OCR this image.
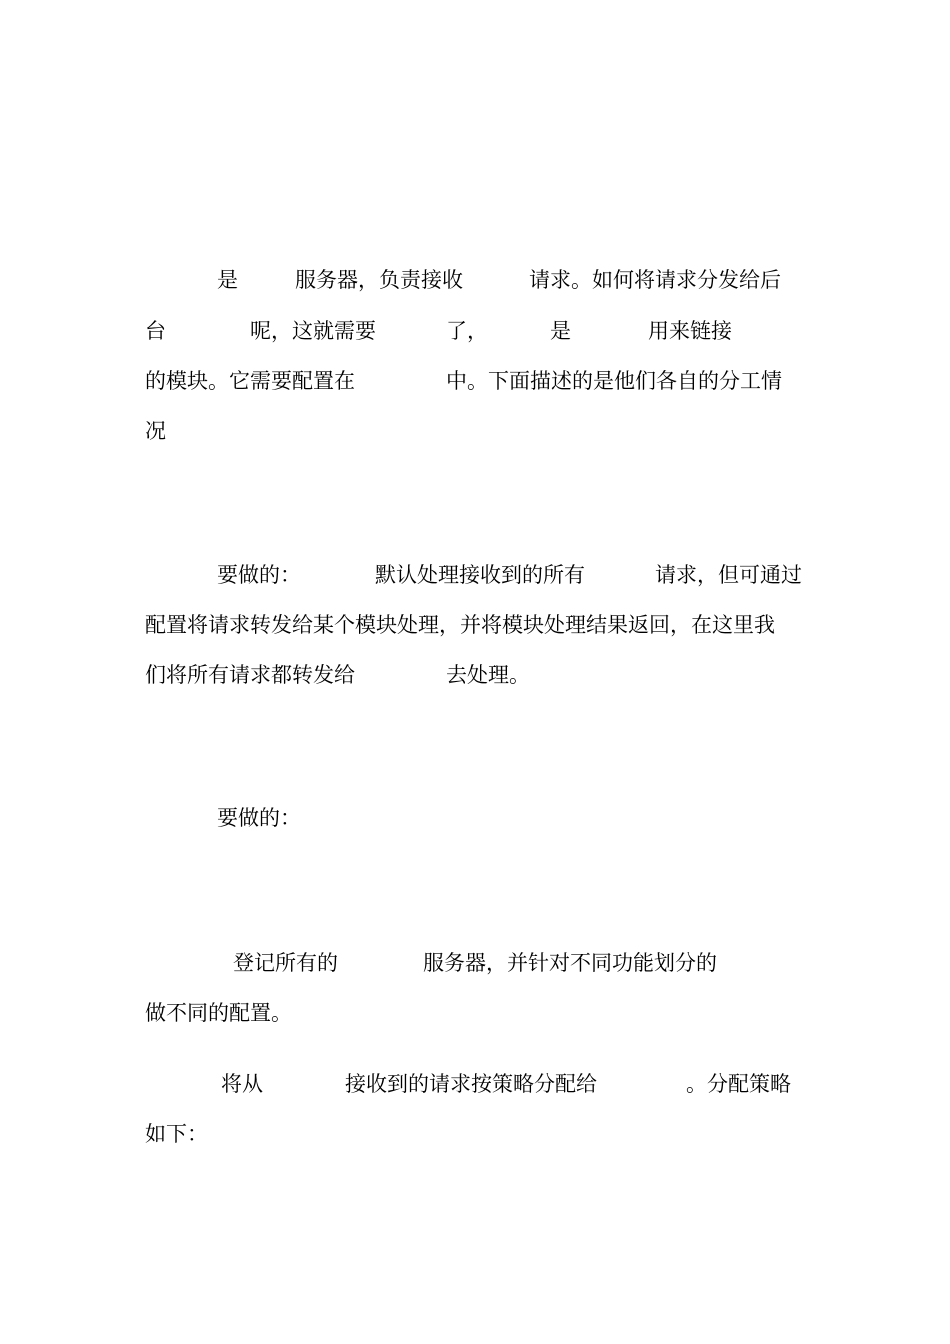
是	服务器，负责接收	请求。如何将请求分发给后
台	呢，这就需要	了，	是	用来链接
的模块。它需要配置在	中。下面描述的是他们各自的分工情
况
要做的：	默认处理接收到的所有	请求，但可通过
配置将请求转发给某个模块处理，并将模块处理结果返回，在这里我
们将所有请求都转发给	去处理。
要做的：
登记所有的	服务器，并针对不同功能划分的
做不同的配置。
将从	接收到的请求按策略分配给	。分配策略
如下：
